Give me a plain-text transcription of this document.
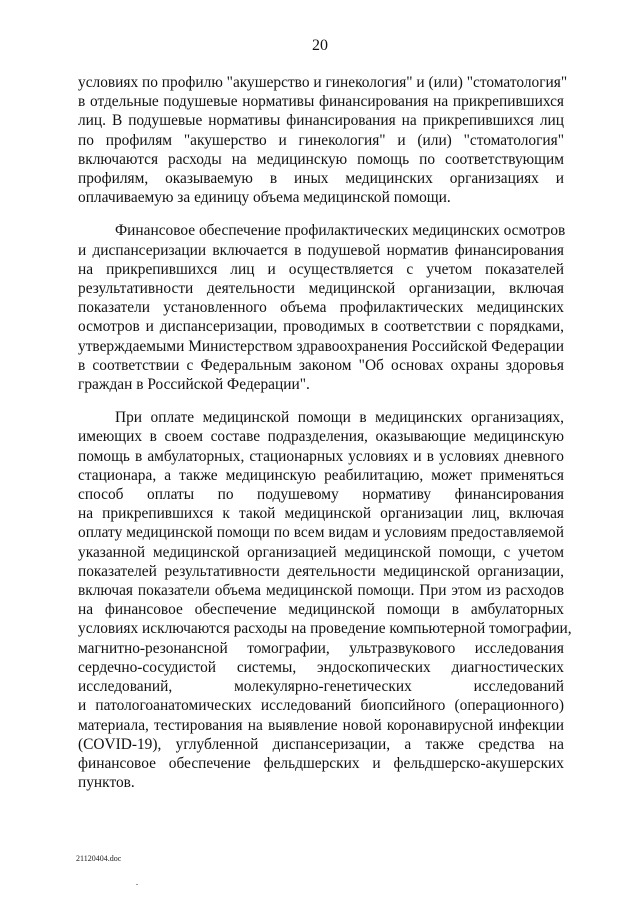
20

условиях по профилю "акушерство и гинекология" и (или) "стоматология"
в отдельные подушевые нормативы финансирования на прикрепившихся
лиц. В подушевые нормативы финансирования на прикрепившихся лиц
по профилям "акушерство и гинекология" и (или) "стоматология"
включаются расходы на медицинскую помощь по соответствующим
профилям, оказываемую в иных медицинских организациях и
оплачиваемую за единицу объема медицинской помощи.

Финансовое обеспечение профилактических медицинских осмотров
и диспансеризации включается в подушевой норматив финансирования
на прикрепившихся лиц и осуществляется с учетом показателей
результативности деятельности медицинской организации, включая
показатели установленного объема профилактических медицинских
осмотров и диспансеризации, проводимых в соответствии с порядками,
утверждаемыми Министерством здравоохранения Российской Федерации
в соответствии с Федеральным законом "Об основах охраны здоровья
граждан в Российской Федерации".

При оплате медицинской помощи в медицинских организациях,
имеющих в своем составе подразделения, оказывающие медицинскую
помощь в амбулаторных, стационарных условиях и в условиях дневного
стационара, а также медицинскую реабилитацию, может применяться
способ оплаты по подушевому нормативу финансирования
на прикрепившихся к такой медицинской организации лиц, включая
оплату медицинской помощи по всем видам и условиям предоставляемой
указанной медицинской организацией медицинской помощи, с учетом
показателей результативности деятельности медицинской организации,
включая показатели объема медицинской помощи. При этом из расходов
на финансовое обеспечение медицинской помощи в амбулаторных
условиях исключаются расходы на проведение компьютерной томографии,
магнитно-резонансной томографии, ультразвукового исследования
сердечно-сосудистой системы, эндоскопических диагностических
исследований, молекулярно-генетических исследований
и патологоанатомических исследований биопсийного (операционного)
материала, тестирования на выявление новой коронавирусной инфекции
(COVID-19), углубленной диспансеризации, а также средства на
финансовое обеспечение фельдшерских и фельдшерско-акушерских
пунктов.

21120404.doc
